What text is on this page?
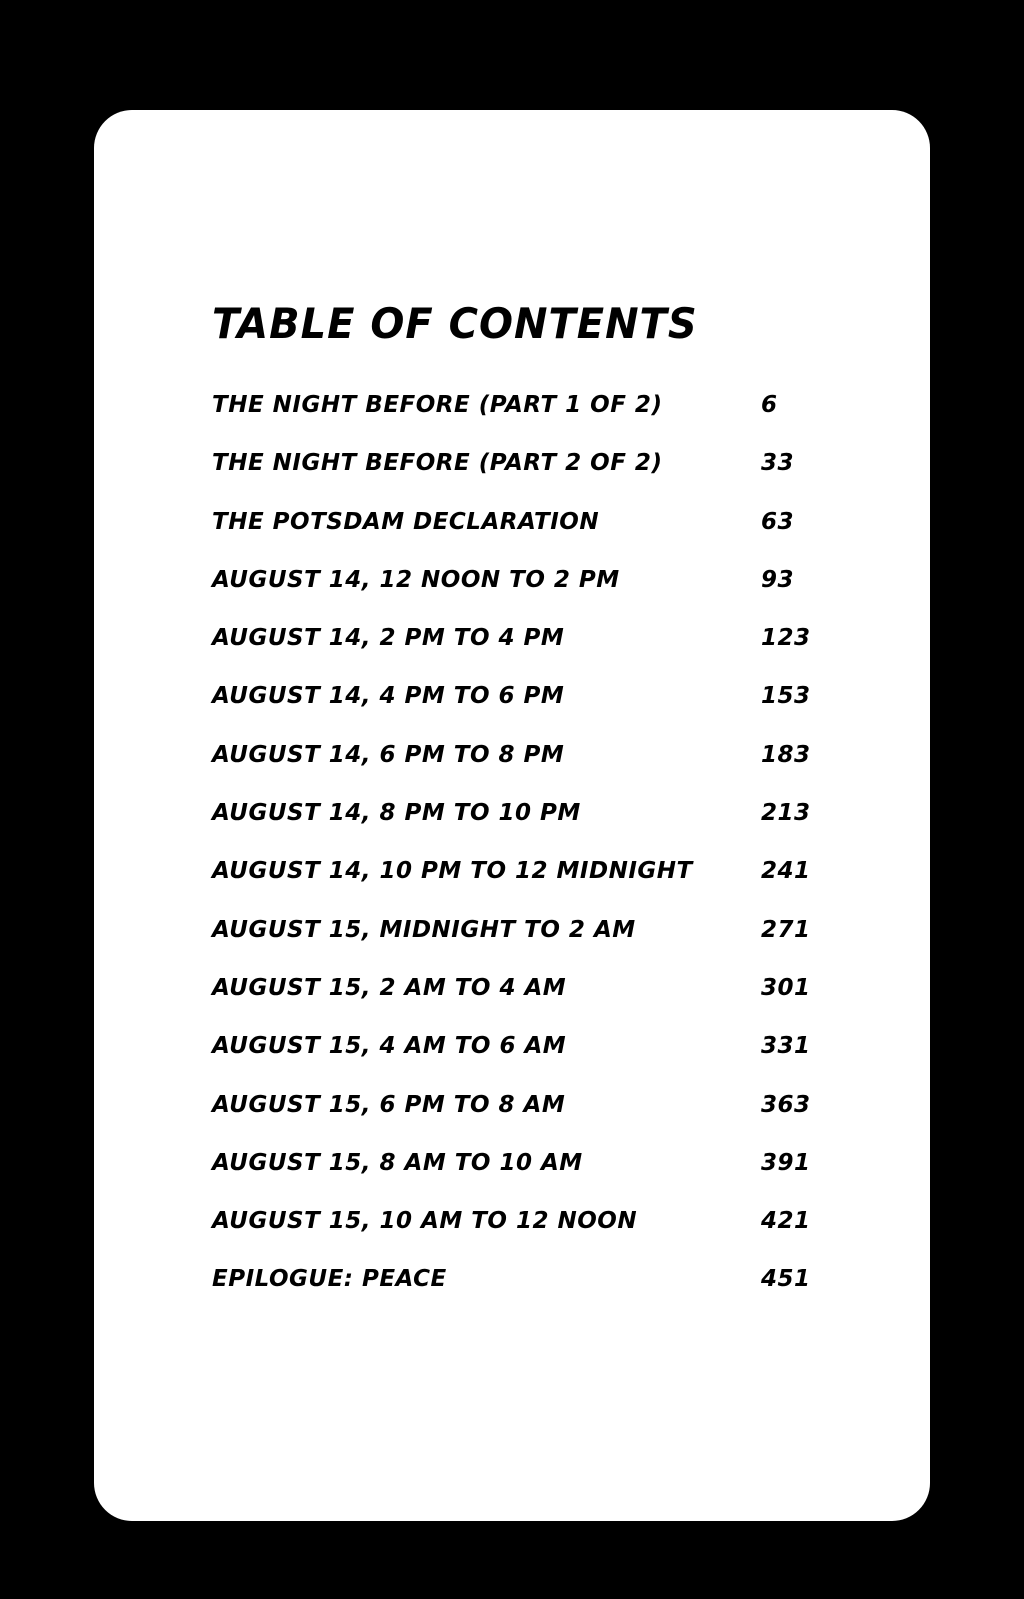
TABLE OF CONTENTS
THE NIGHT BEFORE (PART 1 OF 2)	6
THE NIGHT BEFORE (PART 2 OF 2)	33
THE POTSDAM DECLARATION	63
AUGUST 14, 12 NOON TO 2 PM	93
AUGUST 14, 2 PM TO 4 PM	123
AUGUST 14, 4 PM TO 6 PM	153
AUGUST 14, 6 PM TO 8 PM	183
AUGUST 14, 8 PM TO 10 PM	213
AUGUST 14, 10 PM TO 12 MIDNIGHT	241
AUGUST 15, MIDNIGHT TO 2 AM	271
AUGUST 15, 2 AM TO 4 AM	301
AUGUST 15, 4 AM TO 6 AM	331
AUGUST 15, 6 PM TO 8 AM	363
AUGUST 15, 8 AM TO 10 AM	391
AUGUST 15, 10 AM TO 12 NOON	421
EPILOGUE: PEACE	451
